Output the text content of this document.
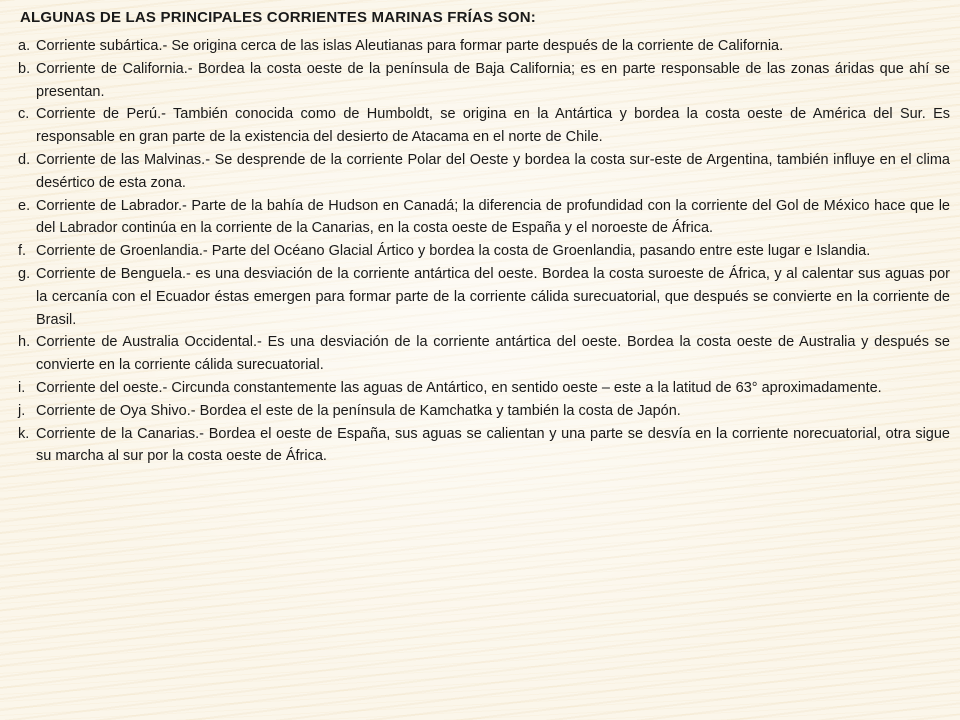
ALGUNAS DE LAS PRINCIPALES CORRIENTES MARINAS FRÍAS SON:
a. Corriente subártica.- Se origina cerca de las islas Aleutianas para formar parte después de la corriente de California.
b. Corriente de California.- Bordea la costa oeste de la península de Baja California; es en parte responsable de las zonas áridas que ahí se presentan.
c. Corriente de Perú.- También conocida como de Humboldt, se origina en la Antártica y bordea la costa oeste de América del Sur. Es responsable en gran parte de la existencia del desierto de Atacama en el norte de Chile.
d. Corriente de las Malvinas.- Se desprende de la corriente Polar del Oeste y bordea la costa sur-este de Argentina, también influye en el clima desértico de esta zona.
e. Corriente de Labrador.- Parte de la bahía de Hudson en Canadá; la diferencia de profundidad con la corriente del Gol de México hace que le del Labrador continúa en la corriente de la Canarias, en la costa oeste de España y el noroeste de África.
f. Corriente de Groenlandia.- Parte del Océano Glacial Ártico y bordea la costa de Groenlandia, pasando entre este lugar e Islandia.
g. Corriente de Benguela.- es una desviación de la corriente antártica del oeste. Bordea la costa suroeste de África, y al calentar sus aguas por la cercanía con el Ecuador éstas emergen para formar parte de la corriente cálida surecuatorial, que después se convierte en la corriente de Brasil.
h. Corriente de Australia Occidental.- Es una desviación de la corriente antártica del oeste. Bordea la costa oeste de Australia y después se convierte en la corriente cálida surecuatorial.
i. Corriente del oeste.- Circunda constantemente las aguas de Antártico, en sentido oeste – este a la latitud de 63° aproximadamente.
j. Corriente de Oya Shivo.- Bordea el este de la península de Kamchatka y también la costa de Japón.
k. Corriente de la Canarias.- Bordea el oeste de España, sus aguas se calientan y una parte se desvía en la corriente norecuatorial, otra sigue su marcha al sur por la costa oeste de África.
